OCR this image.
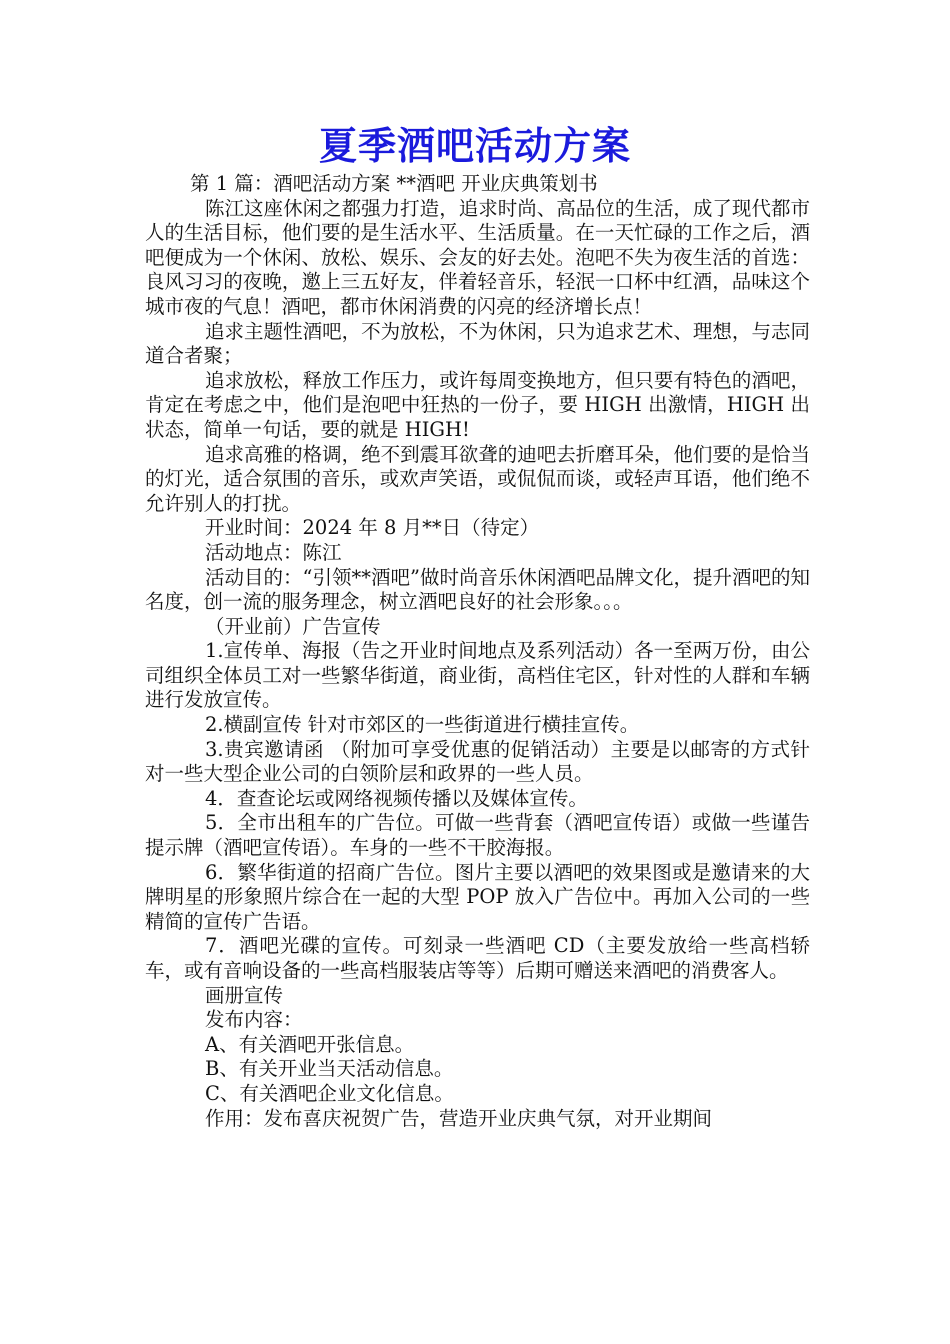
夏季酒吧活动方案

第 1 篇：酒吧活动方案 **酒吧 开业庆典策划书

陈江这座休闲之都强力打造，追求时尚、高品位的生活，成了现代都市人的生活目标，他们要的是生活水平、生活质量。在一天忙碌的工作之后，酒吧便成为一个休闲、放松、娱乐、会友的好去处。泡吧不失为夜生活的首选：良风习习的夜晚，邀上三五好友，伴着轻音乐，轻泯一口杯中红酒，品味这个城市夜的气息！酒吧，都市休闲消费的闪亮的经济增长点！

追求主题性酒吧，不为放松，不为休闲，只为追求艺术、理想，与志同道合者聚；

追求放松，释放工作压力，或许每周变换地方，但只要有特色的酒吧，肯定在考虑之中，他们是泡吧中狂热的一份子，要 HIGH 出激情，HIGH 出状态，简单一句话，要的就是 HIGH!

追求高雅的格调，绝不到震耳欲聋的迪吧去折磨耳朵，他们要的是恰当的灯光，适合氛围的音乐，或欢声笑语，或侃侃而谈，或轻声耳语，他们绝不允许别人的打扰。

开业时间：2024 年 8 月**日（待定）

活动地点：陈江

活动目的：“引领**酒吧”做时尚音乐休闲酒吧品牌文化，提升酒吧的知名度，创一流的服务理念，树立酒吧良好的社会形象。。。

（开业前）广告宣传

1.宣传单、海报（告之开业时间地点及系列活动）各一至两万份，由公司组织全体员工对一些繁华街道，商业街，高档住宅区，针对性的人群和车辆进行发放宣传。

2.横副宣传 针对市郊区的一些街道进行横挂宣传。

3.贵宾邀请函 （附加可享受优惠的促销活动）主要是以邮寄的方式针对一些大型企业公司的白领阶层和政界的一些人员。

4．查查论坛或网络视频传播以及媒体宣传。

5．全市出租车的广告位。可做一些背套（酒吧宣传语）或做一些谨告提示牌（酒吧宣传语）。车身的一些不干胶海报。

6．繁华街道的招商广告位。图片主要以酒吧的效果图或是邀请来的大牌明星的形象照片综合在一起的大型 POP 放入广告位中。再加入公司的一些精简的宣传广告语。

7．酒吧光碟的宣传。可刻录一些酒吧 CD（主要发放给一些高档轿车，或有音响设备的一些高档服装店等等）后期可赠送来酒吧的消费客人。

画册宣传

发布内容：

A、有关酒吧开张信息。

B、有关开业当天活动信息。

C、有关酒吧企业文化信息。

作用：发布喜庆祝贺广告，营造开业庆典气氛，对开业期间
